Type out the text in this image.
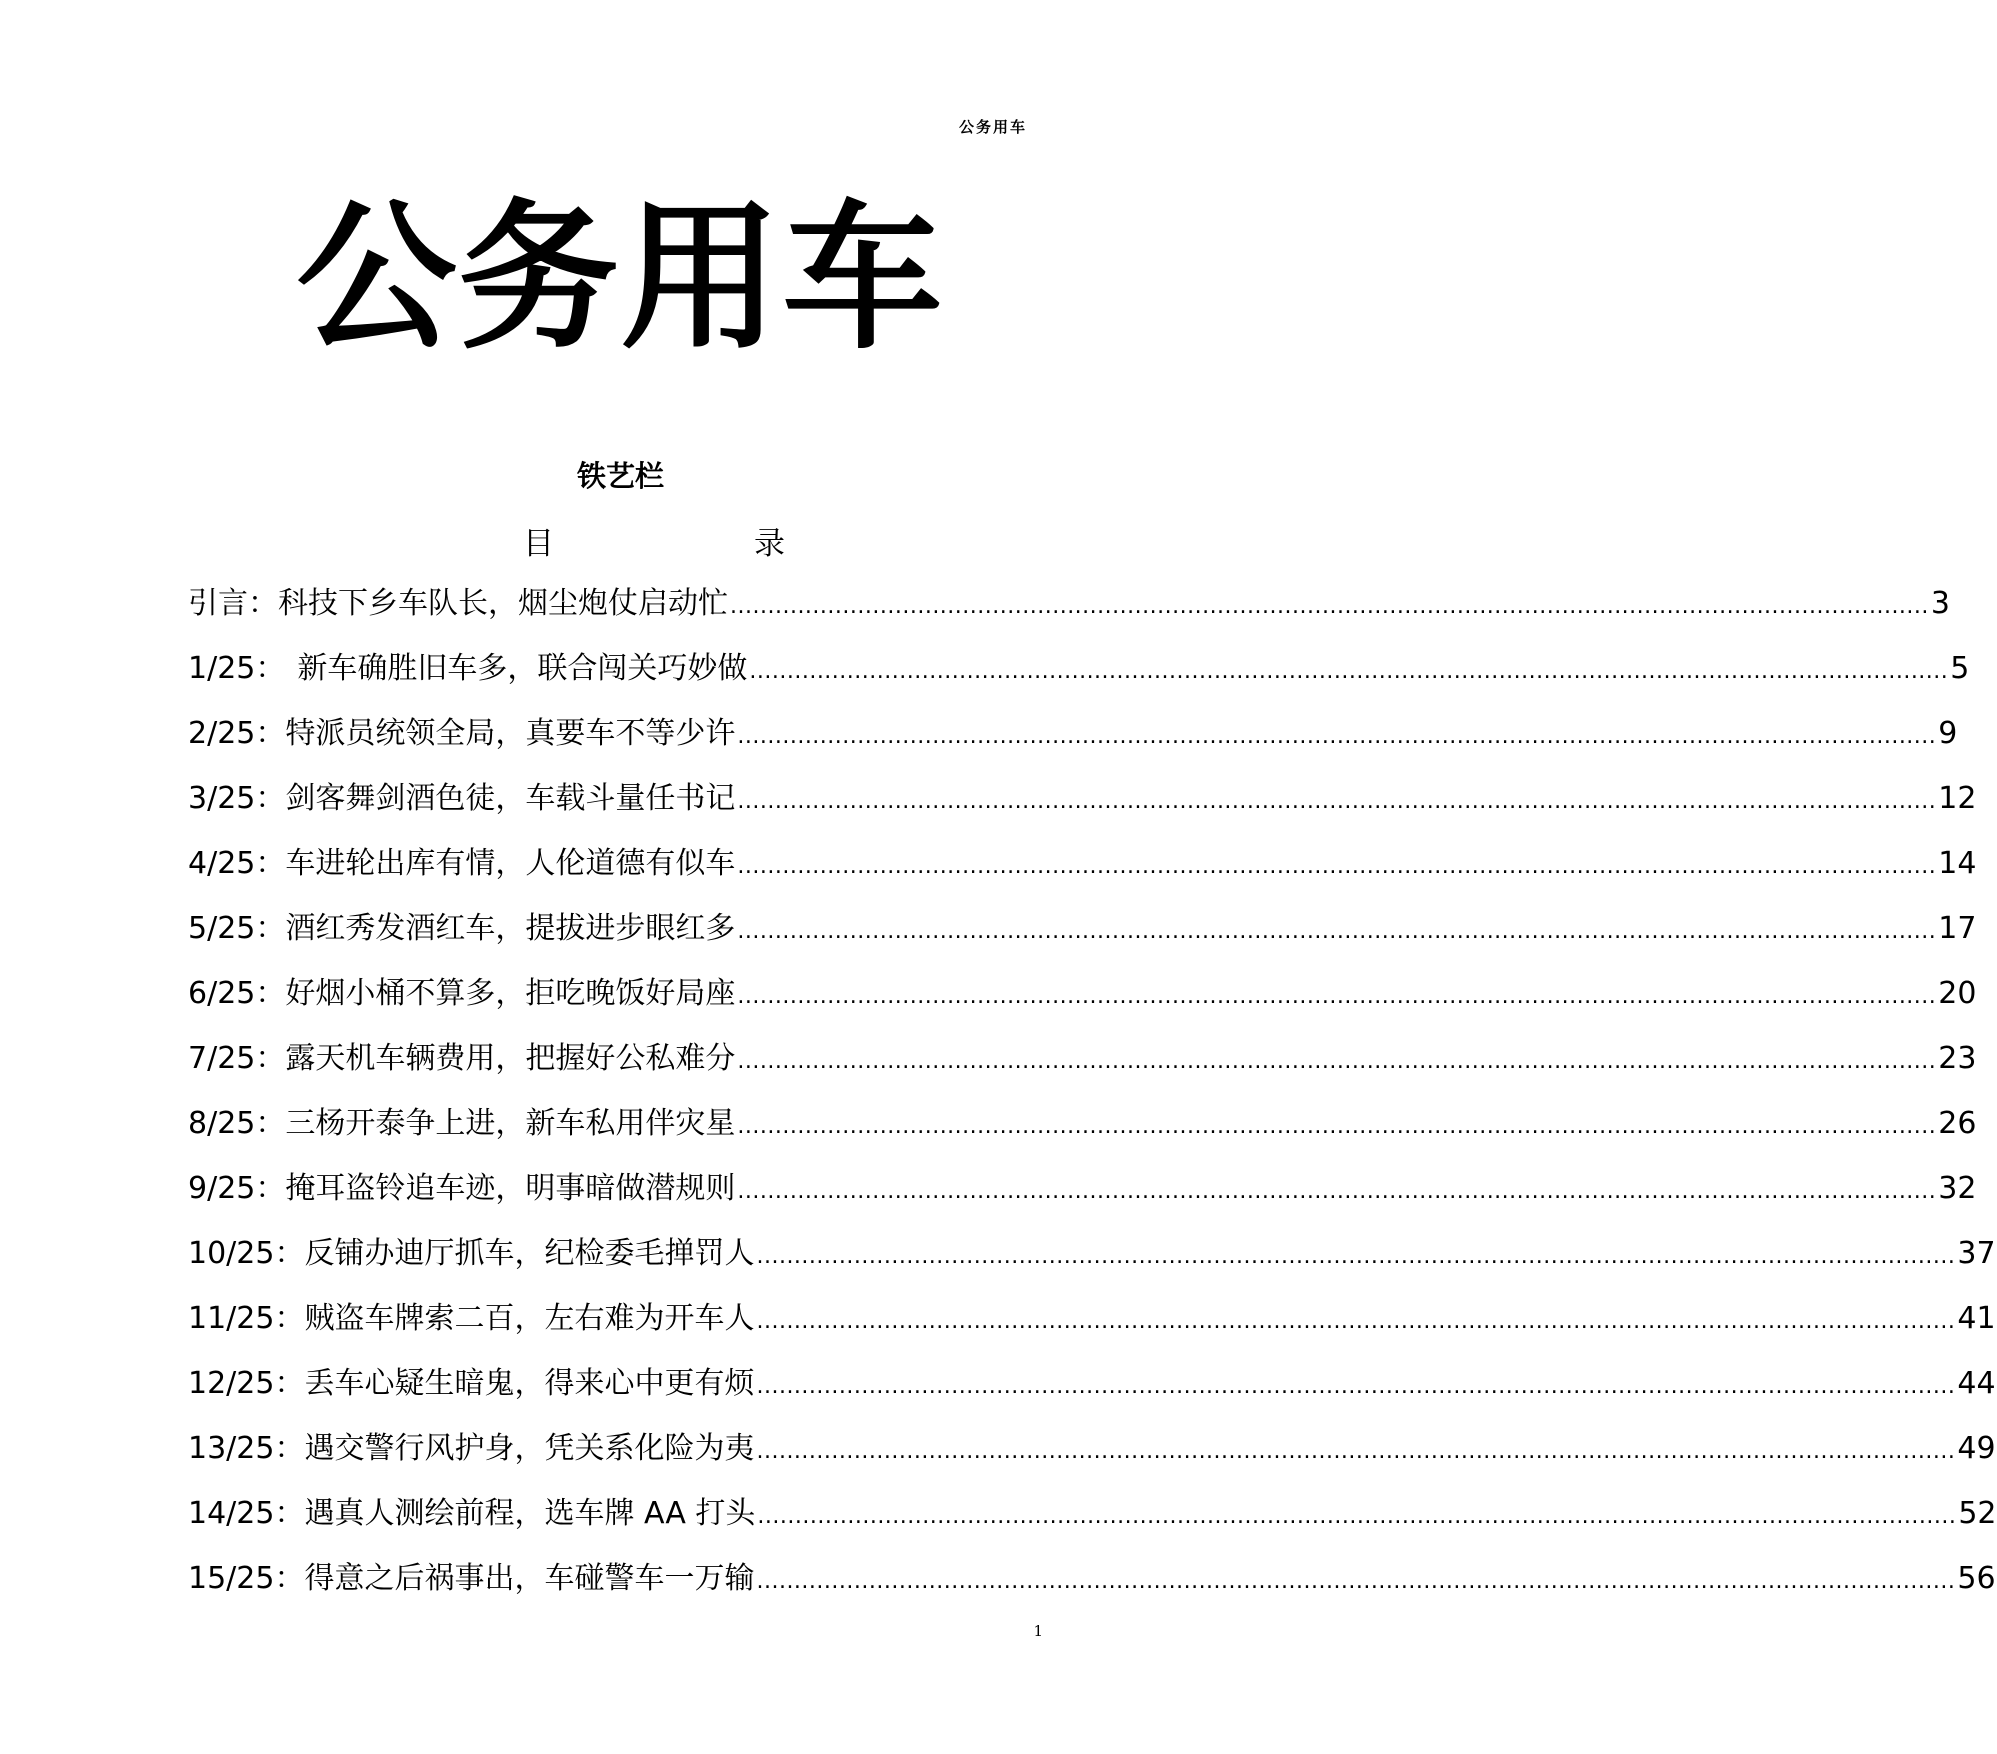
公务用车
公务用车
铁艺栏
目	录
引言： 科技下乡车队长，烟尘炮仗启动忙 ................................................................................................................................................................ 3
1/25： 新车确胜旧车多，联合闯关巧妙做 ................................................................................................................................................................ 5
2/25： 特派员统领全局，真要车不等少许 ................................................................................................................................................................ 9
3/25： 剑客舞剑酒色徒，车载斗量任书记 ................................................................................................................................................................ 12
4/25： 车进轮出库有情，人伦道德有似车 ................................................................................................................................................................ 14
5/25： 酒红秀发酒红车，提拔进步眼红多 ................................................................................................................................................................ 17
6/25： 好烟小桶不算多，拒吃晚饭好局座 ................................................................................................................................................................ 20
7/25： 露天机车辆费用，把握好公私难分 ................................................................................................................................................................ 23
8/25： 三杨开泰争上进，新车私用伴灾星 ................................................................................................................................................................ 26
9/25： 掩耳盗铃追车迹，明事暗做潜规则 ................................................................................................................................................................ 32
10/25： 反铺办迪厅抓车，纪检委毛掸罚人 ................................................................................................................................................................ 37
11/25： 贼盗车牌索二百，左右难为开车人 ................................................................................................................................................................ 41
12/25： 丢车心疑生暗鬼，得来心中更有烦 ................................................................................................................................................................ 44
13/25： 遇交警行风护身，凭关系化险为夷 ................................................................................................................................................................ 49
14/25： 遇真人测绘前程，选车牌 AA 打头 ................................................................................................................................................................ 52
15/25： 得意之后祸事出，车碰警车一万输 ................................................................................................................................................................ 56
1
